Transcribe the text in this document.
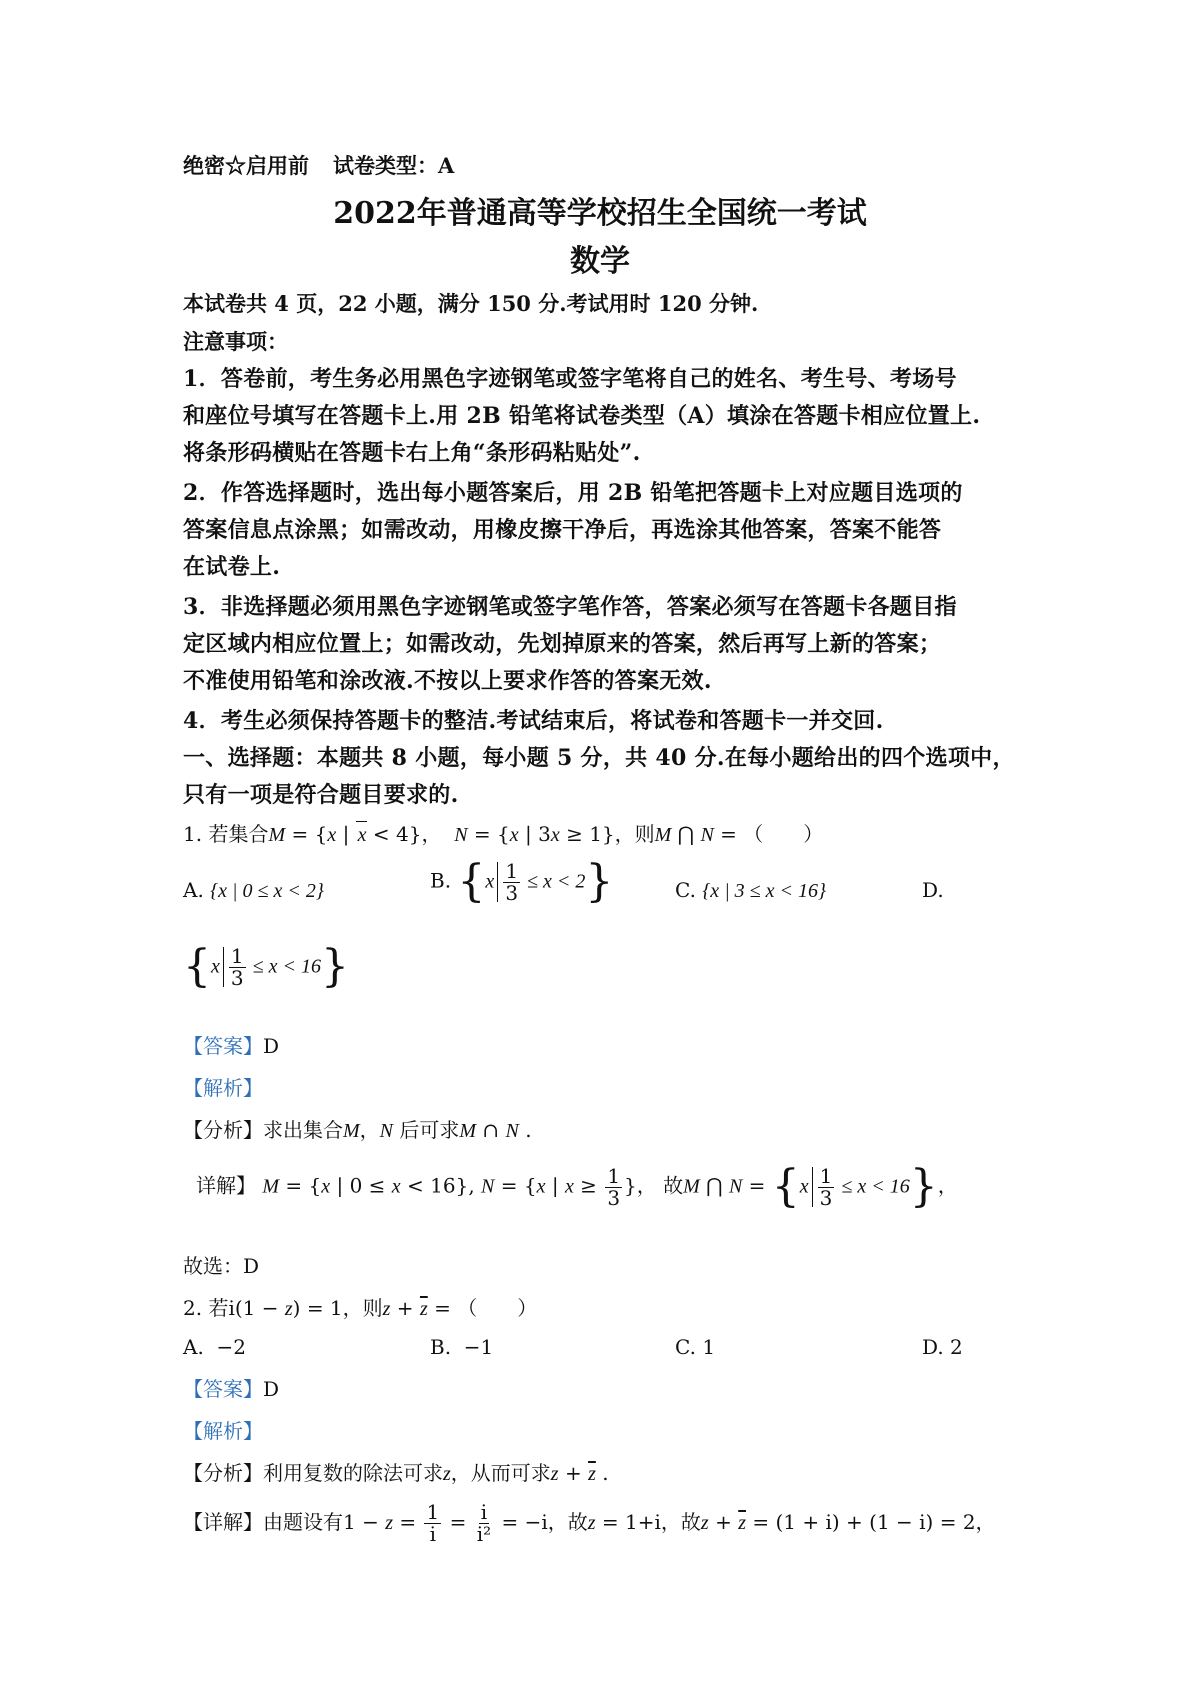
绝密☆启用前 试卷类型：A
2022年普通高等学校招生全国统一考试
数学
本试卷共 4 页，22 小题，满分 150 分.考试用时 120 分钟.
注意事项：
1．答卷前，考生务必用黑色字迹钢笔或签字笔将自己的姓名、考生号、考场号
和座位号填写在答题卡上.用 2B 铅笔将试卷类型（A）填涂在答题卡相应位置上.
将条形码横贴在答题卡右上角“条形码粘贴处”.
2．作答选择题时，选出每小题答案后，用 2B 铅笔把答题卡上对应题目选项的
答案信息点涂黑；如需改动，用橡皮擦干净后，再选涂其他答案，答案不能答
在试卷上.
3．非选择题必须用黑色字迹钢笔或签字笔作答，答案必须写在答题卡各题目指
定区域内相应位置上；如需改动，先划掉原来的答案，然后再写上新的答案；
不准使用铅笔和涂改液.不按以上要求作答的答案无效.
4．考生必须保持答题卡的整洁.考试结束后，将试卷和答题卡一并交回.
一、选择题：本题共 8 小题，每小题 5 分，共 40 分.在每小题给出的四个选项中，
只有一项是符合题目要求的.
1. 若集合M = {x | x < 4}，  N = {x | 3x ≥ 1}，则M ⋂ N = （　　）
A. {x | 0 ≤ x < 2}	B. $\{x \frac{1}{3} \le x < 2\}$	C. {x | 3 ≤ x < 16}	D.
$\{x \frac{1}{3} \le x < 16\}$
【答案】D
【解析】
【分析】求出集合M，N 后可求M ∩ N .
详解】 M = {x | 0 ≤ x < 16}, N = {x | $x \ge \frac{1}{3}$ }， 故M ⋂ $N = \{x \frac{1}{3} \le x < 16\}$，
故选：D
2. 若i(1 − z) = 1，则$z + \overline{z}$ = （　　）
A. −2	B. −1	C. 1	D. 2
【答案】D
【解析】
【分析】利用复数的除法可求z，从而可求$z + \overline{z}$ .
【详解】由题设有$1 - z = \frac{1}{i} = \frac{i}{\text{i²}} = -i$，故z = 1+i，故$z + \overline{z} = (1 + i) + (1 - i) = 2$，
